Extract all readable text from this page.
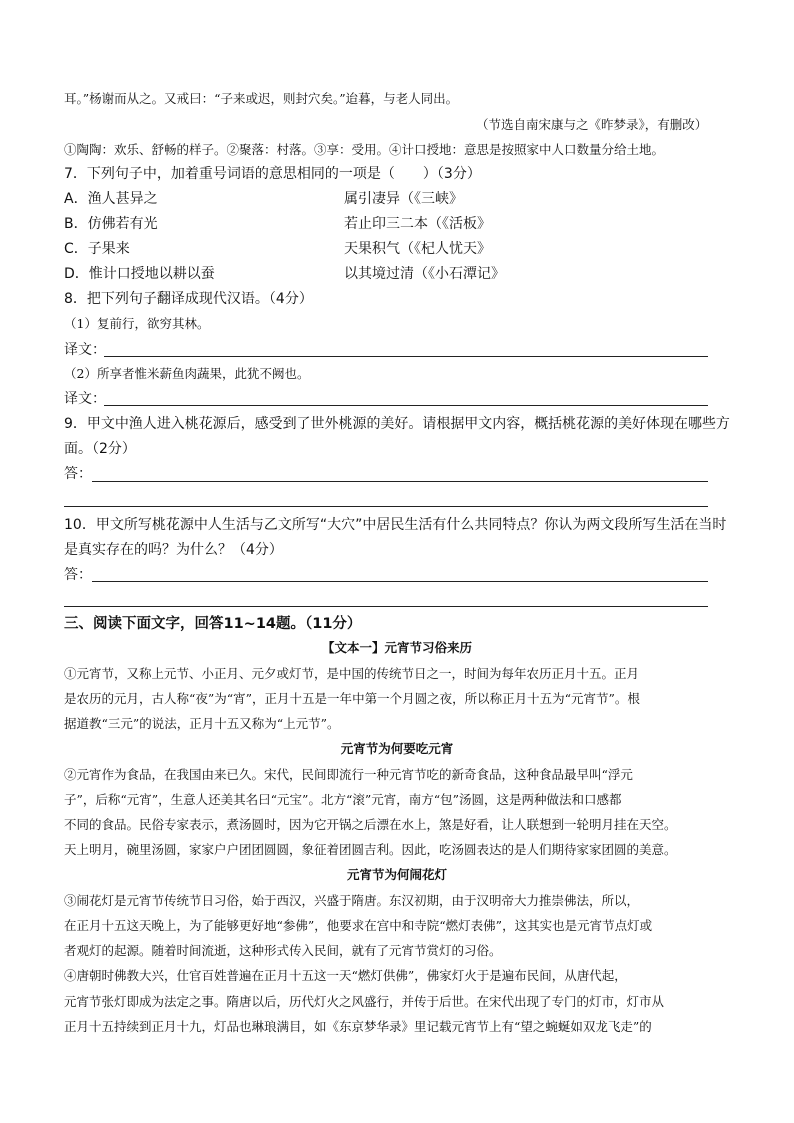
耳。”杨谢而从之。又戒曰：“子来或迟，则封穴矣。”迨暮，与老人同出。
（节选自南宋康与之《昨梦录》，有删改）
①陶陶：欢乐、舒畅的样子。②聚落：村落。③享：受用。④计口授地：意思是按照家中人口数量分给土地。
7．下列句子中，加着重号词语的意思相同的一项是（　　）（3分）
A．渔人甚异之	属引凄异（《三峡》
B．仿佛若有光	若止印三二本（《活板》
C．子果来	天果积气（《杞人忧天》
D．惟计口授地以耕以蚕	以其境过清（《小石潭记》
8．把下列句子翻译成现代汉语。（4分）
（1）复前行，欲穷其林。
译文：
（2）所享者惟米薪鱼肉蔬果，此犹不阙也。
译文：
9．甲文中渔人进入桃花源后，感受到了世外桃源的美好。请根据甲文内容，概括桃花源的美好体现在哪些方
面。（2分）
答：
10．甲文所写桃花源中人生活与乙文所写“大穴”中居民生活有什么共同特点？你认为两文段所写生活在当时
是真实存在的吗？为什么？（4分）
答：
三、阅读下面文字，回答11~14题。（11分）
【文本一】元宵节习俗来历
①元宵节，又称上元节、小正月、元夕或灯节，是中国的传统节日之一，时间为每年农历正月十五。正月
是农历的元月，古人称“夜”为“宵”，正月十五是一年中第一个月圆之夜，所以称正月十五为“元宵节”。根
据道教“三元”的说法，正月十五又称为“上元节”。
元宵节为何要吃元宵
②元宵作为食品，在我国由来已久。宋代，民间即流行一种元宵节吃的新奇食品，这种食品最早叫“浮元
子”，后称“元宵”，生意人还美其名曰“元宝”。北方“滚”元宵，南方“包”汤圆，这是两种做法和口感都
不同的食品。民俗专家表示，煮汤圆时，因为它开锅之后漂在水上，煞是好看，让人联想到一轮明月挂在天空。
天上明月，碗里汤圆，家家户户团团圆圆，象征着团圆吉利。因此，吃汤圆表达的是人们期待家家团圆的美意。
元宵节为何闹花灯
③闹花灯是元宵节传统节日习俗，始于西汉，兴盛于隋唐。东汉初期，由于汉明帝大力推崇佛法，所以，
在正月十五这天晚上，为了能够更好地“参佛”，他要求在宫中和寺院“燃灯表佛”，这其实也是元宵节点灯或
者观灯的起源。随着时间流逝，这种形式传入民间，就有了元宵节赏灯的习俗。
④唐朝时佛教大兴，仕官百姓普遍在正月十五这一天“燃灯供佛”，佛家灯火于是遍布民间，从唐代起，
元宵节张灯即成为法定之事。隋唐以后，历代灯火之风盛行，并传于后世。在宋代出现了专门的灯市，灯市从
正月十五持续到正月十九，灯品也琳琅满目，如《东京梦华录》里记载元宵节上有“望之蜿蜒如双龙飞走”的
